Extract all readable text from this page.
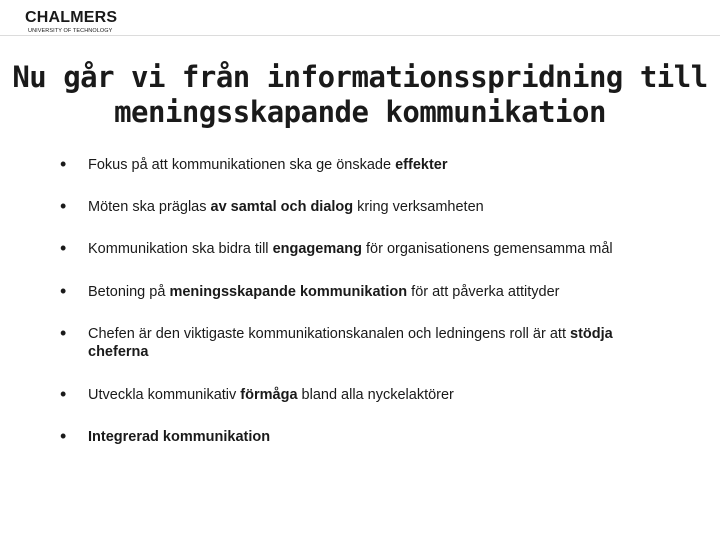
CHALMERS
UNIVERSITY OF TECHNOLOGY
Nu går vi från informationsspridning till
meningsskapande kommunikation
• Fokus på att kommunikationen ska ge önskade effekter
• Möten ska präglas av samtal och dialog kring verksamheten
• Kommunikation ska bidra till engagemang för organisationens gemensamma mål
• Betoning på meningsskapande kommunikation för att påverka attityder
• Chefen är den viktigaste kommunikationskanalen och ledningens roll är att stödja cheferna
• Utveckla kommunikativ förmåga bland alla nyckelaktörer
• Integrerad kommunikation
